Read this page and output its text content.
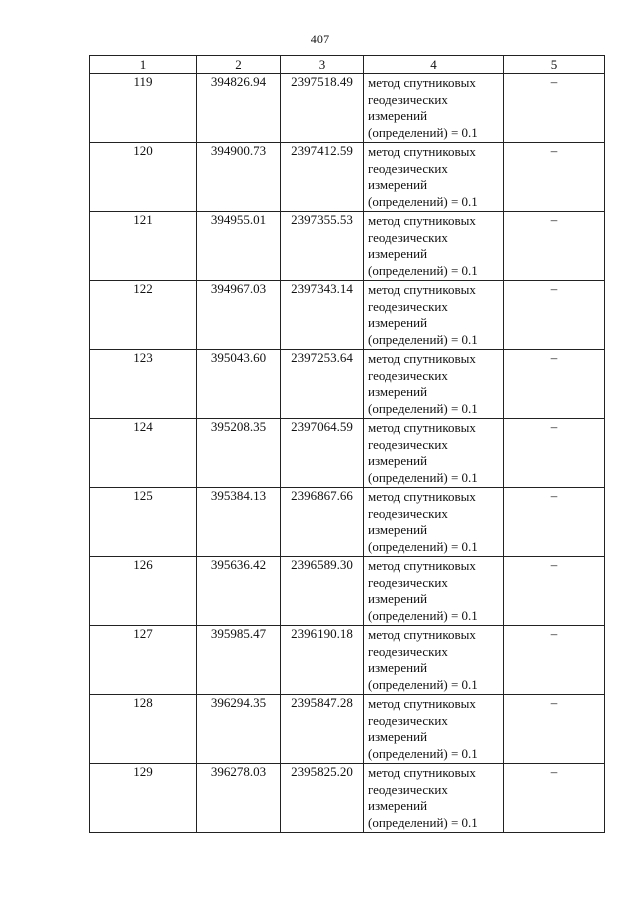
407
1	2	3	4	5
119	394826.94	2397518.49	метод спутниковых
геодезических
измерений
(определений) = 0.1	–
120	394900.73	2397412.59	метод спутниковых
геодезических
измерений
(определений) = 0.1	–
121	394955.01	2397355.53	метод спутниковых
геодезических
измерений
(определений) = 0.1	–
122	394967.03	2397343.14	метод спутниковых
геодезических
измерений
(определений) = 0.1	–
123	395043.60	2397253.64	метод спутниковых
геодезических
измерений
(определений) = 0.1	–
124	395208.35	2397064.59	метод спутниковых
геодезических
измерений
(определений) = 0.1	–
125	395384.13	2396867.66	метод спутниковых
геодезических
измерений
(определений) = 0.1	–
126	395636.42	2396589.30	метод спутниковых
геодезических
измерений
(определений) = 0.1	–
127	395985.47	2396190.18	метод спутниковых
геодезических
измерений
(определений) = 0.1	–
128	396294.35	2395847.28	метод спутниковых
геодезических
измерений
(определений) = 0.1	–
129	396278.03	2395825.20	метод спутниковых
геодезических
измерений
(определений) = 0.1	–
